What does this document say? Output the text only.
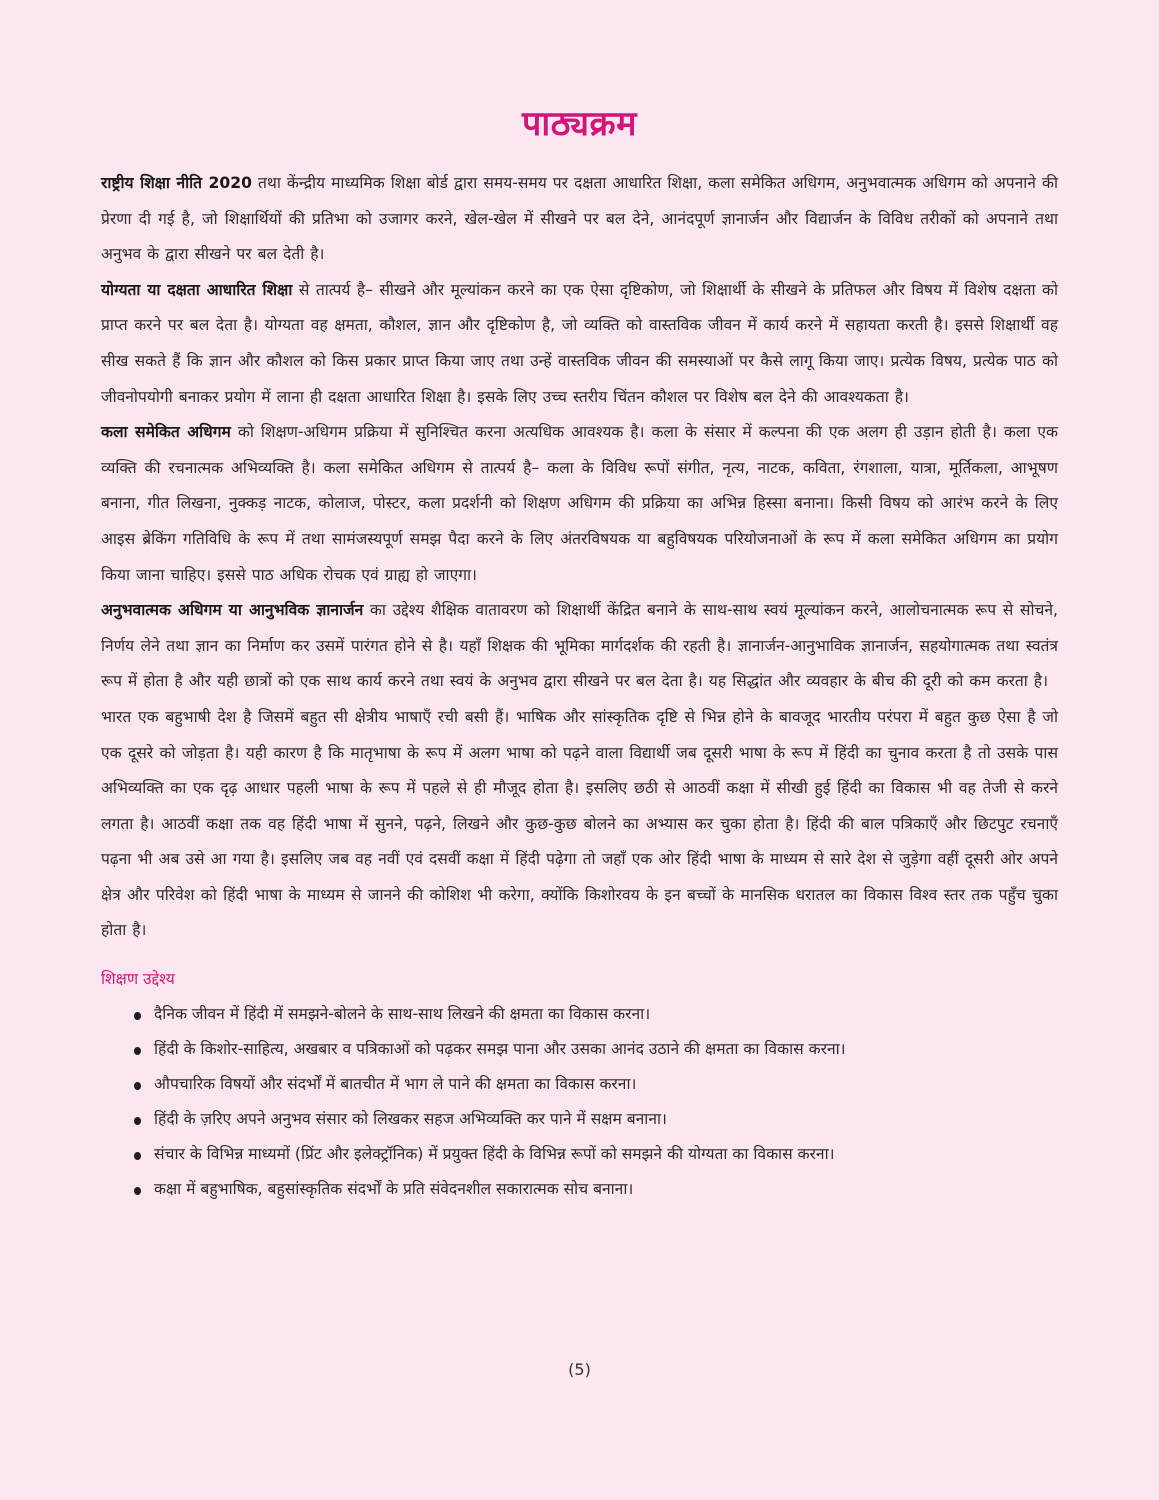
पाठ्यक्रम

राष्ट्रीय शिक्षा नीति 2020 तथा केंन्द्रीय माध्यमिक शिक्षा बोर्ड द्वारा समय-समय पर दक्षता आधारित शिक्षा, कला समेकित अधिगम, अनुभवात्मक अधिगम को अपनाने की प्रेरणा दी गई है, जो शिक्षार्थियों की प्रतिभा को उजागर करने, खेल-खेल में सीखने पर बल देने, आनंदपूर्ण ज्ञानार्जन और विद्यार्जन के विविध तरीकों को अपनाने तथा अनुभव के द्वारा सीखने पर बल देती है।

योग्यता या दक्षता आधारित शिक्षा से तात्पर्य है– सीखने और मूल्यांकन करने का एक ऐसा दृष्टिकोण, जो शिक्षार्थी के सीखने के प्रतिफल और विषय में विशेष दक्षता को प्राप्त करने पर बल देता है। योग्यता वह क्षमता, कौशल, ज्ञान और दृष्टिकोण है, जो व्यक्ति को वास्तविक जीवन में कार्य करने में सहायता करती है। इससे शिक्षार्थी वह सीख सकते हैं कि ज्ञान और कौशल को किस प्रकार प्राप्त किया जाए तथा उन्हें वास्तविक जीवन की समस्याओं पर कैसे लागू किया जाए। प्रत्येक विषय, प्रत्येक पाठ को जीवनोपयोगी बनाकर प्रयोग में लाना ही दक्षता आधारित शिक्षा है। इसके लिए उच्च स्तरीय चिंतन कौशल पर विशेष बल देने की आवश्यकता है।

कला समेकित अधिगम को शिक्षण-अधिगम प्रक्रिया में सुनिश्चित करना अत्यधिक आवश्यक है। कला के संसार में कल्पना की एक अलग ही उड़ान होती है। कला एक व्यक्ति की रचनात्मक अभिव्यक्ति है। कला समेकित अधिगम से तात्पर्य है– कला के विविध रूपों संगीत, नृत्य, नाटक, कविता, रंगशाला, यात्रा, मूर्तिकला, आभूषण बनाना, गीत लिखना, नुक्कड़ नाटक, कोलाज, पोस्टर, कला प्रदर्शनी को शिक्षण अधिगम की प्रक्रिया का अभिन्न हिस्सा बनाना। किसी विषय को आरंभ करने के लिए आइस ब्रेकिंग गतिविधि के रूप में तथा सामंजस्यपूर्ण समझ पैदा करने के लिए अंतरविषयक या बहुविषयक परियोजनाओं के रूप में कला समेकित अधिगम का प्रयोग किया जाना चाहिए। इससे पाठ अधिक रोचक एवं ग्राह्य हो जाएगा।

अनुभवात्मक अधिगम या आनुभविक ज्ञानार्जन का उद्देश्य शैक्षिक वातावरण को शिक्षार्थी केंद्रित बनाने के साथ-साथ स्वयं मूल्यांकन करने, आलोचनात्मक रूप से सोचने, निर्णय लेने तथा ज्ञान का निर्माण कर उसमें पारंगत होने से है। यहाँ शिक्षक की भूमिका मार्गदर्शक की रहती है। ज्ञानार्जन-आनुभाविक ज्ञानार्जन, सहयोगात्मक तथा स्वतंत्र रूप में होता है और यही छात्रों को एक साथ कार्य करने तथा स्वयं के अनुभव द्वारा सीखने पर बल देता है। यह सिद्धांत और व्यवहार के बीच की दूरी को कम करता है।

भारत एक बहुभाषी देश है जिसमें बहुत सी क्षेत्रीय भाषाएँ रची बसी हैं। भाषिक और सांस्कृतिक दृष्टि से भिन्न होने के बावजूद भारतीय परंपरा में बहुत कुछ ऐसा है जो एक दूसरे को जोड़ता है। यही कारण है कि मातृभाषा के रूप में अलग भाषा को पढ़ने वाला विद्यार्थी जब दूसरी भाषा के रूप में हिंदी का चुनाव करता है तो उसके पास अभिव्यक्ति का एक दृढ़ आधार पहली भाषा के रूप में पहले से ही मौजूद होता है। इसलिए छठी से आठवीं कक्षा में सीखी हुई हिंदी का विकास भी वह तेजी से करने लगता है। आठवीं कक्षा तक वह हिंदी भाषा में सुनने, पढ़ने, लिखने और कुछ-कुछ बोलने का अभ्यास कर चुका होता है। हिंदी की बाल पत्रिकाएँ और छिटपुट रचनाएँ पढ़ना भी अब उसे आ गया है। इसलिए जब वह नवीं एवं दसवीं कक्षा में हिंदी पढ़ेगा तो जहाँ एक ओर हिंदी भाषा के माध्यम से सारे देश से जुड़ेगा वहीं दूसरी ओर अपने क्षेत्र और परिवेश को हिंदी भाषा के माध्यम से जानने की कोशिश भी करेगा, क्योंकि किशोरवय के इन बच्चों के मानसिक धरातल का विकास विश्व स्तर तक पहुँच चुका होता है।

शिक्षण उद्देश्य
दैनिक जीवन में हिंदी में समझने-बोलने के साथ-साथ लिखने की क्षमता का विकास करना।
हिंदी के किशोर-साहित्य, अखबार व पत्रिकाओं को पढ़कर समझ पाना और उसका आनंद उठाने की क्षमता का विकास करना।
औपचारिक विषयों और संदर्भों में बातचीत में भाग ले पाने की क्षमता का विकास करना।
हिंदी के ज़रिए अपने अनुभव संसार को लिखकर सहज अभिव्यक्ति कर पाने में सक्षम बनाना।
संचार के विभिन्न माध्यमों (प्रिंट और इलेक्ट्रॉनिक) में प्रयुक्त हिंदी के विभिन्न रूपों को समझने की योग्यता का विकास करना।
कक्षा में बहुभाषिक, बहुसांस्कृतिक संदर्भों के प्रति संवेदनशील सकारात्मक सोच बनाना।
(5)
